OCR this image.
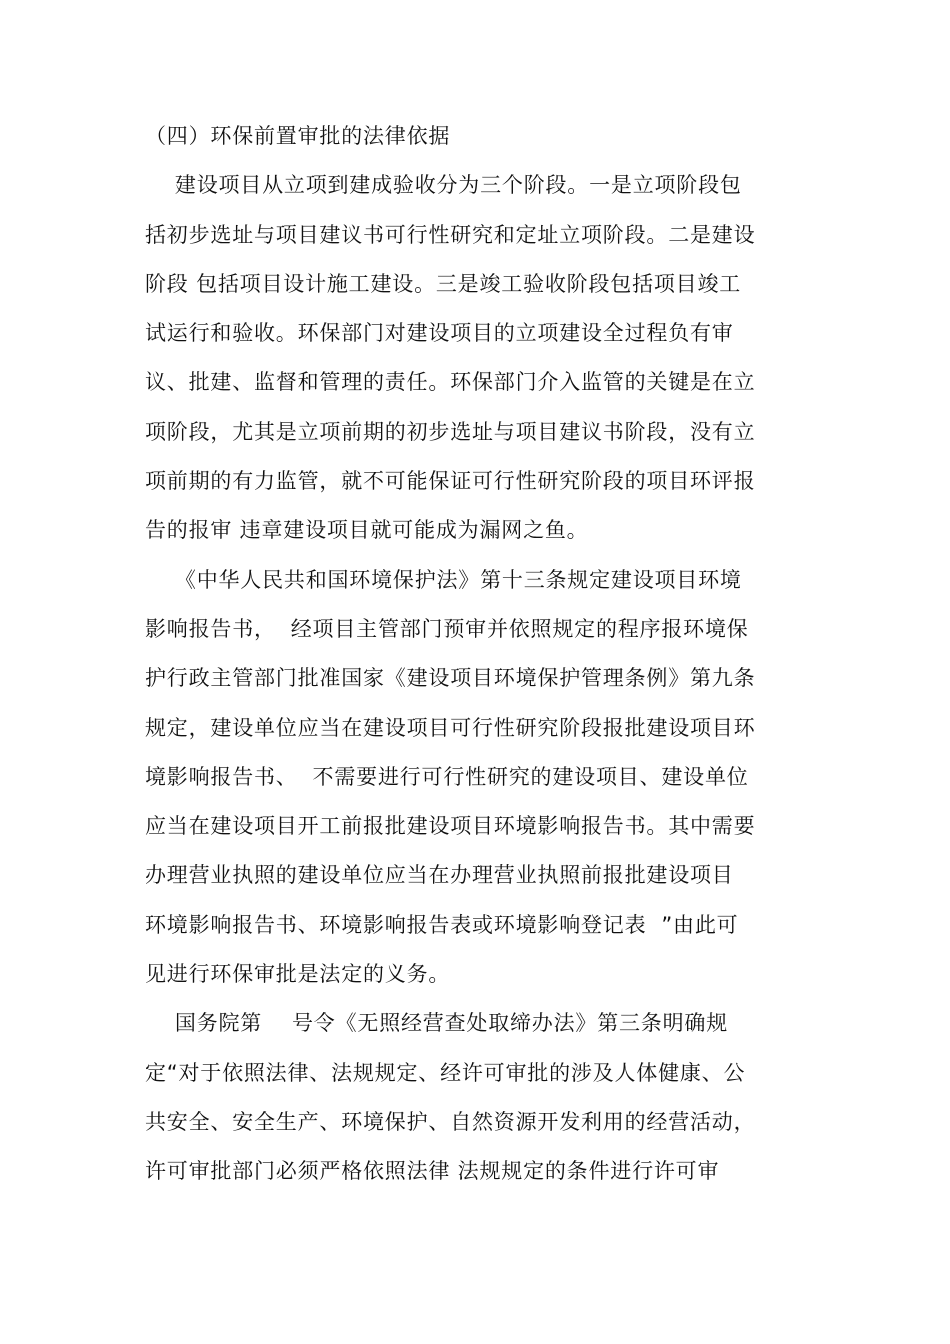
（四）环保前置审批的法律依据
建设项目从立项到建成验收分为三个阶段。一是立项阶段包
括初步选址与项目建议书可行性研究和定址立项阶段。二是建设
阶段 包括项目设计施工建设。三是竣工验收阶段包括项目竣工
试运行和验收。环保部门对建设项目的立项建设全过程负有审
议、批建、监督和管理的责任。环保部门介入监管的关键是在立
项阶段，尤其是立项前期的初步选址与项目建议书阶段，没有立
项前期的有力监管，就不可能保证可行性研究阶段的项目环评报
告的报审 违章建设项目就可能成为漏网之鱼。
《中华人民共和国环境保护法》第十三条规定建设项目环境
影响报告书，  经项目主管部门预审并依照规定的程序报环境保
护行政主管部门批准国家《建设项目环境保护管理条例》第九条
规定，建设单位应当在建设项目可行性研究阶段报批建设项目环
境影响报告书、  不需要进行可行性研究的建设项目、建设单位
应当在建设项目开工前报批建设项目环境影响报告书。其中需要
办理营业执照的建设单位应当在办理营业执照前报批建设项目
环境影响报告书、环境影响报告表或环境影响登记表  ”由此可
见进行环保审批是法定的义务。
国务院第    号令《无照经营查处取缔办法》第三条明确规
定“对于依照法律、法规规定、经许可审批的涉及人体健康、公
共安全、安全生产、环境保护、自然资源开发利用的经营活动，
许可审批部门必须严格依照法律 法规规定的条件进行许可审
